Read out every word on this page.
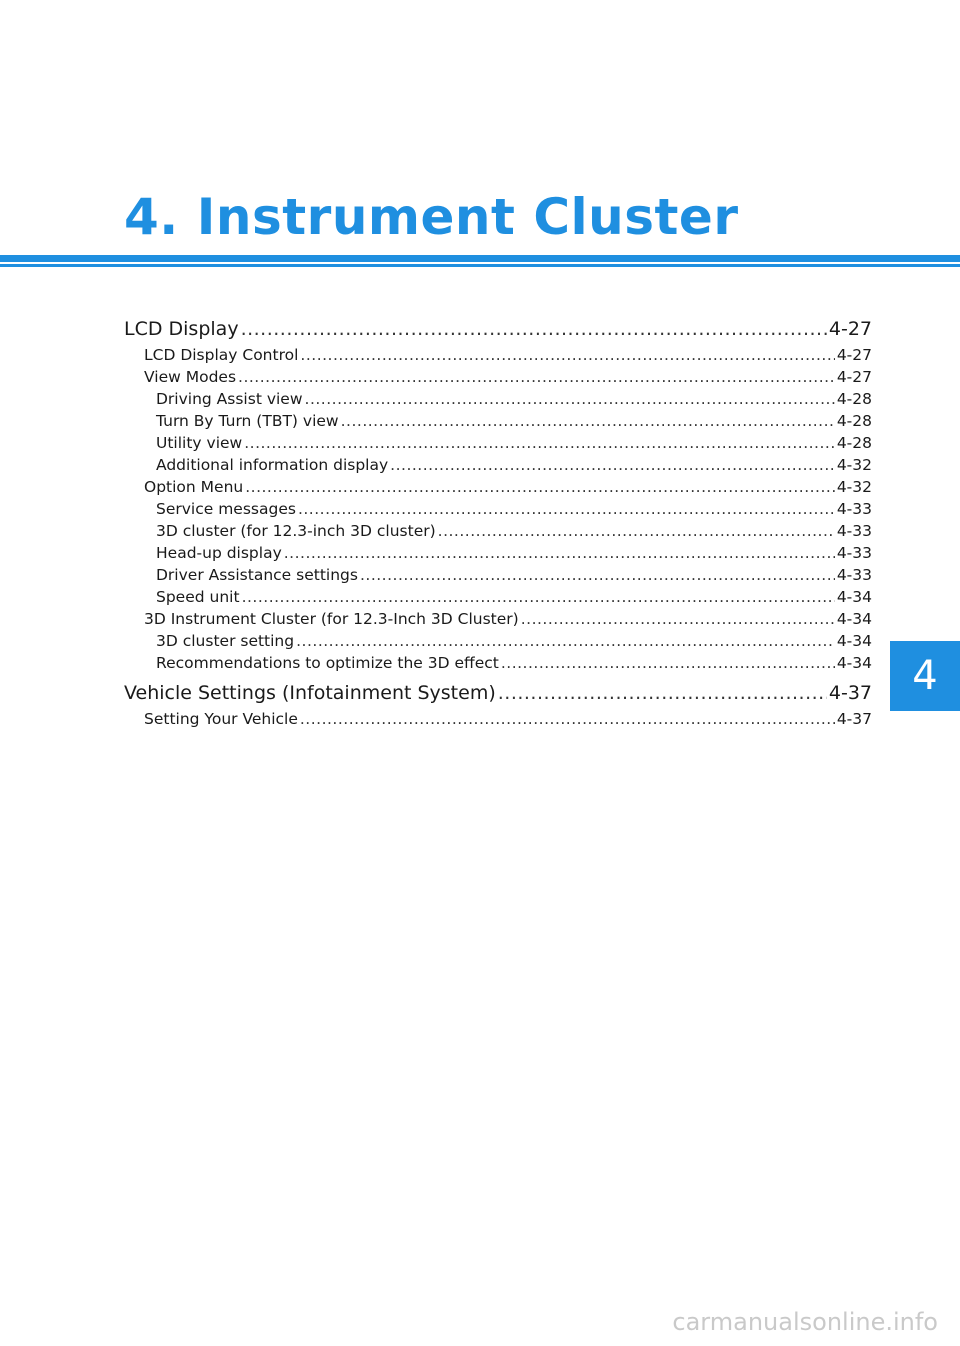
4. Instrument Cluster
LCD Display .....	4-27
LCD Display Control .....	4-27
View Modes .....	4-27
Driving Assist view .....	4-28
Turn By Turn (TBT) view .....	4-28
Utility view .....	4-28
Additional information display .....	4-32
Option Menu .....	4-32
Service messages .....	4-33
3D cluster (for 12.3-inch 3D cluster) .....	4-33
Head-up display .....	4-33
Driver Assistance settings .....	4-33
Speed unit .....	4-34
3D Instrument Cluster (for 12.3-Inch 3D Cluster) .....	4-34
3D cluster setting .....	4-34
Recommendations to optimize the 3D effect .....	4-34
Vehicle Settings (Infotainment System) .....	4-37
Setting Your Vehicle .....	4-37
4
carmanualsonline.info
